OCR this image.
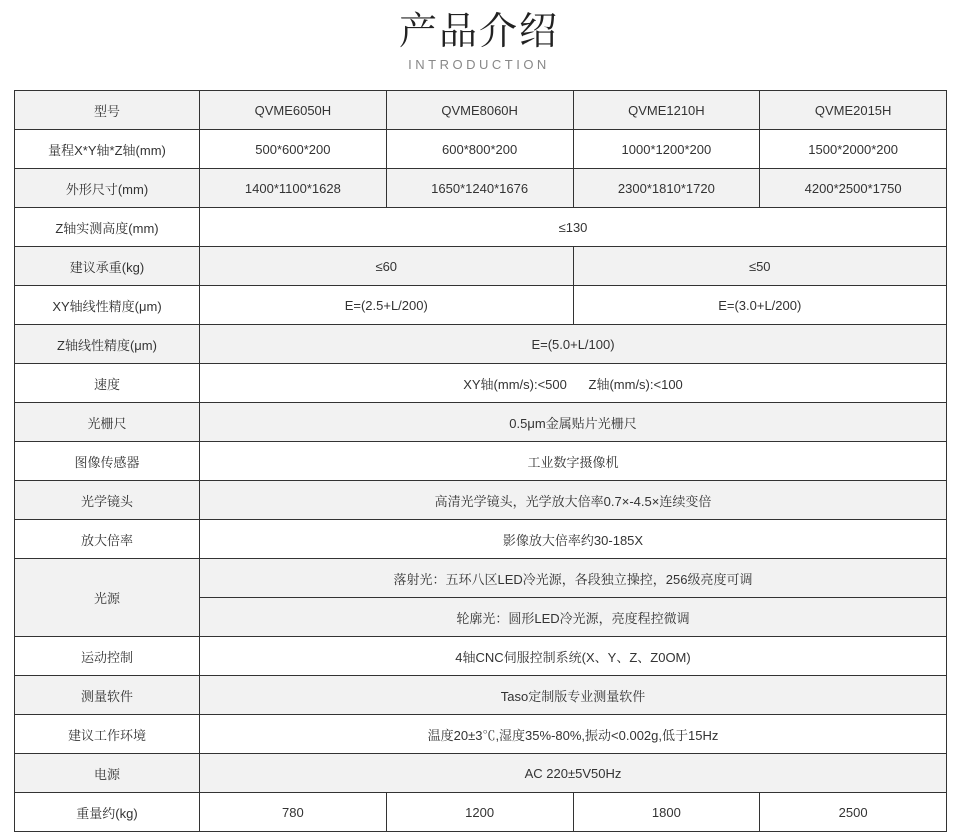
产品介绍
INTRODUCTION
型号	QVME6050H	QVME8060H	QVME1210H	QVME2015H
量程X*Y轴*Z轴(mm)	500*600*200	600*800*200	1000*1200*200	1500*2000*200
外形尺寸(mm)	1400*1100*1628	1650*1240*1676	2300*1810*1720	4200*2500*1750
Z轴实测高度(mm)	≤130			
建议承重(kg)	≤60		≤50	
XY轴线性精度(μm)	E=(2.5+L/200)		E=(3.0+L/200)	
Z轴线性精度(μm)	E=(5.0+L/100)			
速度	XY轴(mm/s):<500      Z轴(mm/s):<100			
光栅尺	0.5μm金属贴片光栅尺			
图像传感器	工业数字摄像机			
光学镜头	高清光学镜头，光学放大倍率0.7×-4.5×连续变倍			
放大倍率	影像放大倍率约30-185X			
光源	落射光：五环八区LED冷光源，各段独立操控，256级亮度可调			
	轮廓光：圆形LED冷光源，亮度程控微调			
运动控制	4轴CNC伺服控制系统(X、Y、Z、Z0OM)			
测量软件	Taso定制版专业测量软件			
建议工作环境	温度20±3℃,湿度35%-80%,振动<0.002g,低于15Hz			
电源	AC 220±5V50Hz			
重量约(kg)	780	1200	1800	2500
